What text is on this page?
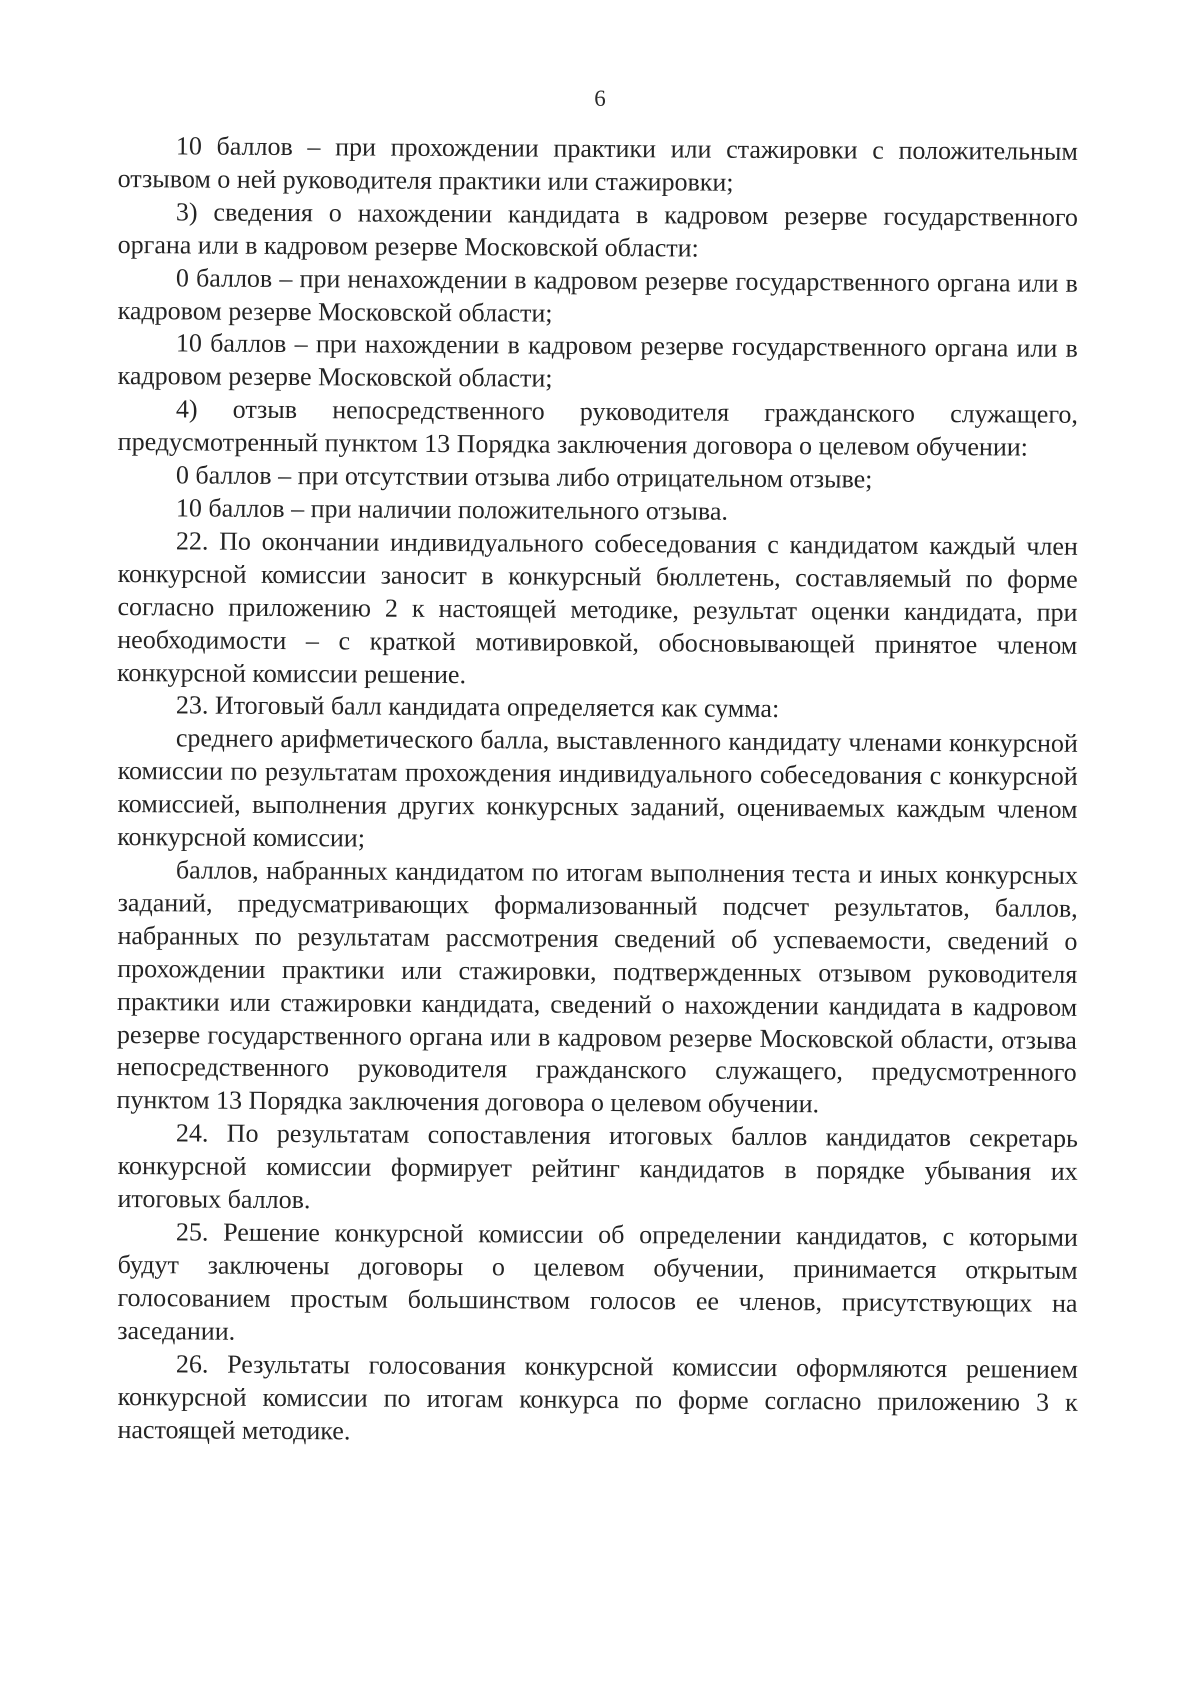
6

10 баллов – при прохождении практики или стажировки с положительным отзывом о ней руководителя практики или стажировки;

3) сведения о нахождении кандидата в кадровом резерве государственного органа или в кадровом резерве Московской области:

0 баллов – при ненахождении в кадровом резерве государственного органа или в кадровом резерве Московской области;

10 баллов – при нахождении в кадровом резерве государственного органа или в кадровом резерве Московской области;

4) отзыв непосредственного руководителя гражданского служащего, предусмотренный пунктом 13 Порядка заключения договора о целевом обучении:

0 баллов – при отсутствии отзыва либо отрицательном отзыве;

10 баллов – при наличии положительного отзыва.

22. По окончании индивидуального собеседования с кандидатом каждый член конкурсной комиссии заносит в конкурсный бюллетень, составляемый по форме согласно приложению 2 к настоящей методике, результат оценки кандидата, при необходимости – с краткой мотивировкой, обосновывающей принятое членом конкурсной комиссии решение.

23. Итоговый балл кандидата определяется как сумма:

среднего арифметического балла, выставленного кандидату членами конкурсной комиссии по результатам прохождения индивидуального собеседования с конкурсной комиссией, выполнения других конкурсных заданий, оцениваемых каждым членом конкурсной комиссии;

баллов, набранных кандидатом по итогам выполнения теста и иных конкурсных заданий, предусматривающих формализованный подсчет результатов, баллов, набранных по результатам рассмотрения сведений об успеваемости, сведений о прохождении практики или стажировки, подтвержденных отзывом руководителя практики или стажировки кандидата, сведений о нахождении кандидата в кадровом резерве государственного органа или в кадровом резерве Московской области, отзыва непосредственного руководителя гражданского служащего, предусмотренного пунктом 13 Порядка заключения договора о целевом обучении.

24. По результатам сопоставления итоговых баллов кандидатов секретарь конкурсной комиссии формирует рейтинг кандидатов в порядке убывания их итоговых баллов.

25. Решение конкурсной комиссии об определении кандидатов, с которыми будут заключены договоры о целевом обучении, принимается открытым голосованием простым большинством голосов ее членов, присутствующих на заседании.

26. Результаты голосования конкурсной комиссии оформляются решением конкурсной комиссии по итогам конкурса по форме согласно приложению 3 к настоящей методике.
